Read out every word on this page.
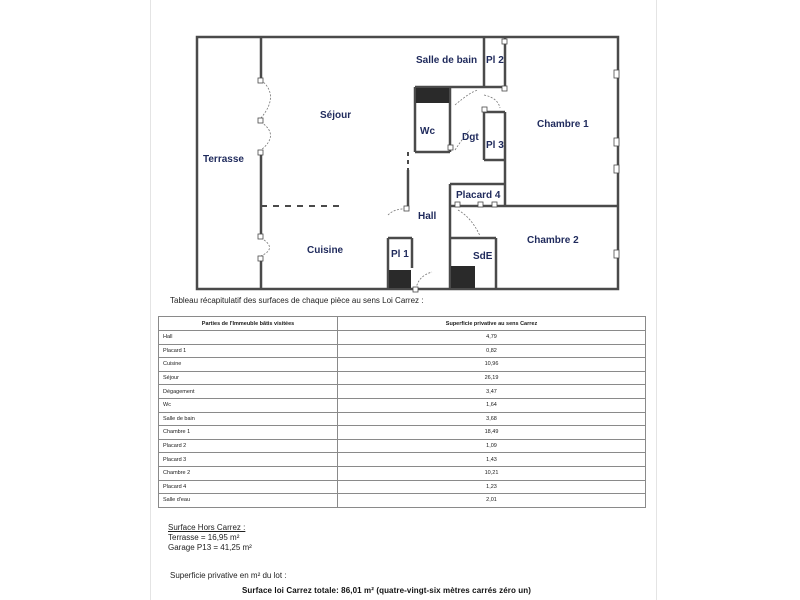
Terrasse
Séjour
Salle de bain Pl 2
Wc
Dgt
Pl 3
Chambre 1
Placard 4
Hall
Cuisine	Pl 1	SdE
Chambre 2
Tableau récapitulatif des surfaces de chaque pièce au sens Loi Carrez :
Parties de l'Immeuble bâtis visitées	Superficie privative au sens Carrez
Hall	4,79
Placard 1	0,82
Cuisine	10,96
Séjour	26,19
Dégagement	3,47
Wc	1,64
Salle de bain	3,68
Chambre 1	18,49
Placard 2	1,09
Placard 3	1,43
Chambre 2	10,21
Placard 4	1,23
Salle d'eau	2,01
Surface Hors Carrez :
Terrasse = 16,95 m²
Garage P13 = 41,25 m²
Superficie privative en m² du lot :
Surface loi Carrez totale: 86,01 m² (quatre-vingt-six mètres carrés zéro un)
